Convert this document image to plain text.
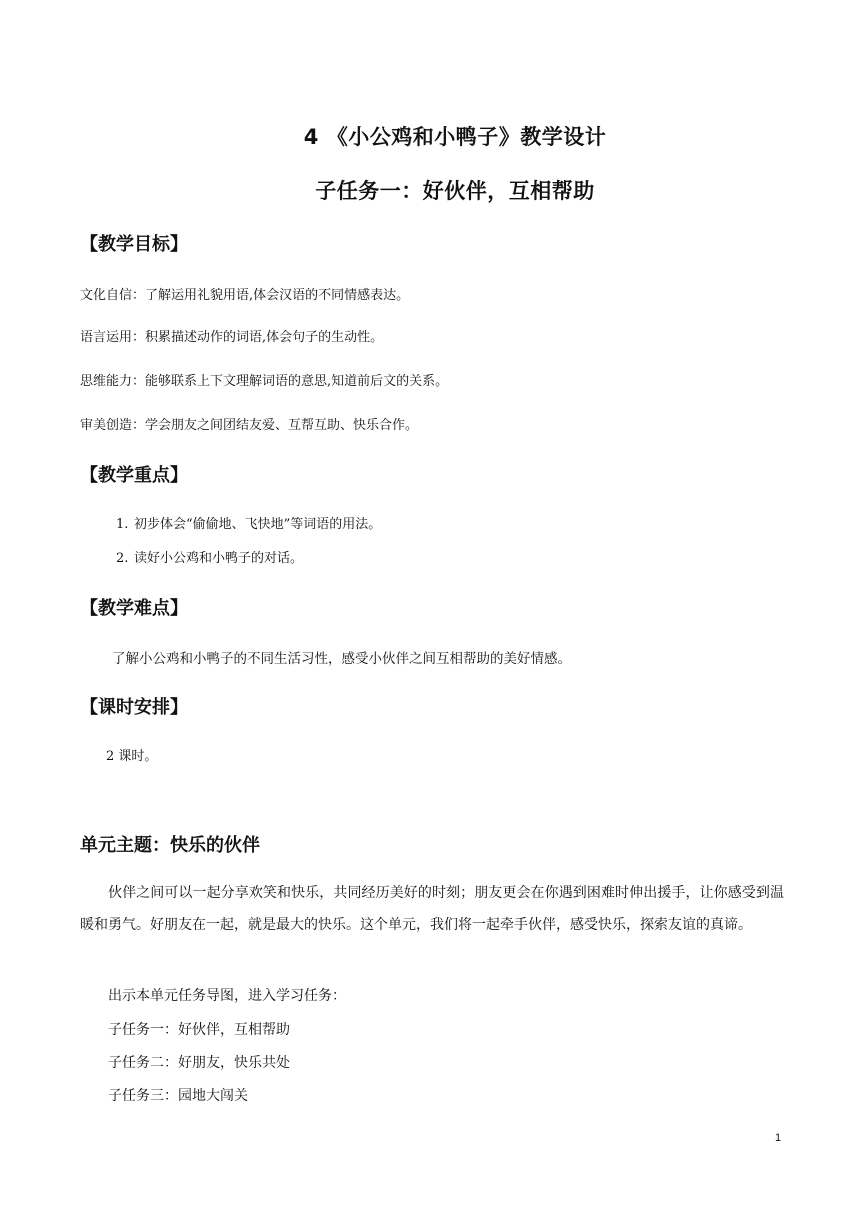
4 《小公鸡和小鸭子》教学设计
子任务一：好伙伴，互相帮助
【教学目标】
文化自信：了解运用礼貌用语,体会汉语的不同情感表达。
语言运用：积累描述动作的词语,体会句子的生动性。
思维能力：能够联系上下文理解词语的意思,知道前后文的关系。
审美创造：学会朋友之间团结友爱、互帮互助、快乐合作。
【教学重点】
1. 初步体会“偷偷地、飞快地”等词语的用法。
2. 读好小公鸡和小鸭子的对话。
【教学难点】
了解小公鸡和小鸭子的不同生活习性，感受小伙伴之间互相帮助的美好情感。
【课时安排】
2 课时。
单元主题：快乐的伙伴
伙伴之间可以一起分享欢笑和快乐，共同经历美好的时刻；朋友更会在你遇到困难时伸出援手，让你感受到温暖和勇气。好朋友在一起，就是最大的快乐。这个单元，我们将一起牵手伙伴，感受快乐，探索友谊的真谛。
出示本单元任务导图，进入学习任务：
子任务一：好伙伴，互相帮助
子任务二：好朋友，快乐共处
子任务三：园地大闯关
1
